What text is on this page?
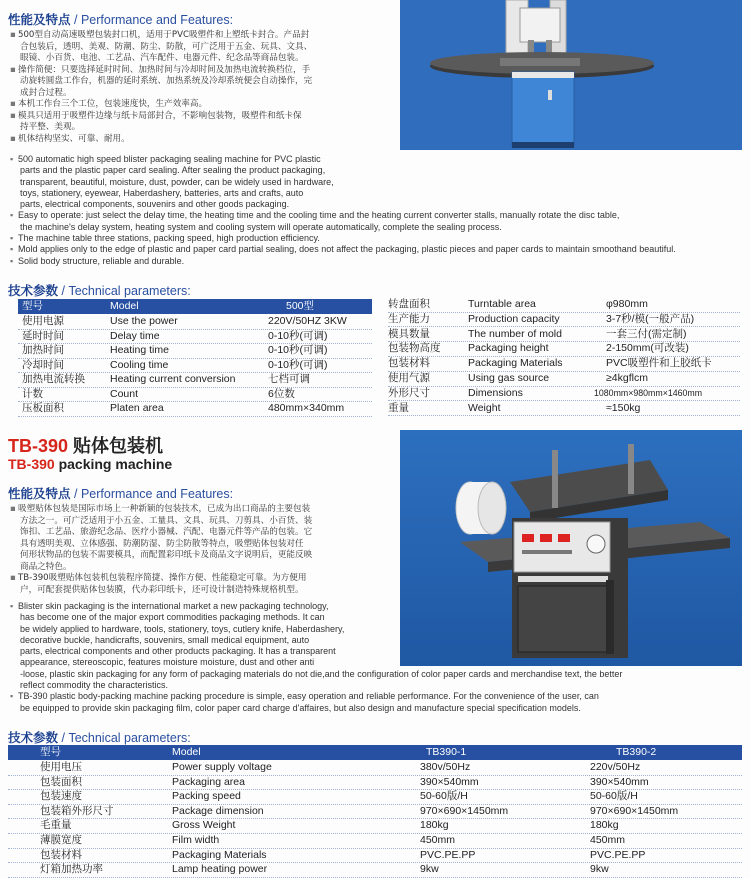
性能及特点 / Performance and Features:
▪ 500型自动高速吸塑包装封口机，适用于PVC吸塑件和上塑纸卡封合。产品封
合包装后，透明、美观、防潮、防尘、防散，可广泛用于五金、玩具、文具、
眼镜、小百货、电池、工艺品、汽车配件、电器元件、纪念品等商品包装。
▪ 操作简便：只要选择延时时间、加热时间与冷却时间及加热电流转换档位，手
动旋转圆盘工作台，机器的延时系统、加热系统及冷却系统便会自动操作，完
成封合过程。
▪ 本机工作台三个工位，包装速度快，生产效率高。
▪ 模具只适用于吸塑件边缘与纸卡局部封合，不影响包装物，吸塑件和纸卡保
持平整、美观。
▪ 机体结构坚实、可靠、耐用。
▪ 500 automatic high speed blister packaging sealing machine for PVC plastic
parts and the plastic paper card sealing. After sealing the product packaging,
transparent, beautiful, moisture, dust, powder, can be widely used in hardware,
toys, stationery, eyewear, Haberdashery, batteries, arts and crafts, auto
parts, electrical components, souvenirs and other goods packaging.
▪ Easy to operate: just select the delay time, the heating time and the cooling time and the heating current converter stalls, manually rotate the disc table,
the machine's delay system, heating system and cooling system will operate automatically, complete the sealing process.
▪ The machine table three stations, packing speed, high production efficiency.
▪ Mold applies only to the edge of plastic and paper card partial sealing, does not affect the packaging, plastic pieces and paper cards to maintain smoothand beautiful.
▪ Solid body structure, reliable and durable.
技术参数 / Technical parameters:
型号	Model	500型
使用电源	Use the power	220V/50HZ 3KW
延时时间	Delay time	0-10秒(可调)
加热时间	Heating time	0-10秒(可调)
冷却时间	Cooling time	0-10秒(可调)
加热电流转换 Heating current conversion	七档可调
计数	Count	6位数
压板面积	Platen area	480mm×340mm
转盘面积	Turntable area	φ980mm
生产能力	Production capacity	3-7秒/模(一般产品)
模具数量	The number of mold	一套三付(需定制)
包装物高度	Packaging height	2-150mm(可改装)
包装材料	Packaging Materials	PVC吸塑件和上胶纸卡
使用气源	Using gas source	≥4kgflcm
外形尺寸	Dimensions	1080mm×980mm×1460mm
重量	Weight	≈150kg
TB-390 贴体包装机
TB-390 packing machine
性能及特点 / Performance and Features:
▪ 吸塑贴体包装是国际市场上一种新颖的包装技术，已成为出口商品的主要包装
方法之一。可广泛适用于小五金、工量具、文具、玩具、刀剪具、小百货、装
饰扣、工艺品、旅游纪念品、医疗小器械、汽配、电器元件等产品的包装。它
具有透明美观、立体感强、防潮防湿、防尘防散等特点，吸塑贴体包装对任
何形状物品的包装不需要模具，而配置彩印纸卡及商品文字说明后，更能反映
商品之特色。
▪ TB-390吸塑贴体包装机包装程序简捷、操作方便、性能稳定可靠。为方便用
户，可配套提供贴体包装膜，代办彩印纸卡，还可设计制造特殊规格机型。
▪ Blister skin packaging is the international market a new packaging technology,
has become one of the major export commodities packaging methods. It can
be widely applied to hardware, tools, stationery, toys, cutlery knife, Haberdashery,
decorative buckle, handicrafts, souvenirs, small medical equipment, auto
parts, electrical components and other products packaging. It has a transparent
appearance, stereoscopic, features moisture moisture, dust and other anti
-loose, plastic skin packaging for any form of packaging materials do not die,and the configuration of color paper cards and merchandise text, the better
reflect commodity the characteristics.
▪ TB-390 plastic body-packing machine packing procedure is simple, easy operation and reliable performance. For the convenience of the user, can
be equipped to provide skin packaging film, color paper card charge d'affaires, but also design and manufacture special specification models.
技术参数 / Technical parameters:
型号	Model	TB390-1	TB390-2
使用电压	Power supply voltage	380v/50Hz	220v/50Hz
包装面积	Packaging area	390×540mm	390×540mm
包装速度	Packing speed	50-60版/H	50-60版/H
包装箱外形尺寸	Package dimension	970×690×1450mm	970×690×1450mm
毛重量	Gross Weight	180kg	180kg
薄膜宽度	Film width	450mm	450mm
包装材料	Packaging Materials	PVC.PE.PP	PVC.PE.PP
灯箱加热功率	Lamp heating power	9kw	9kw
